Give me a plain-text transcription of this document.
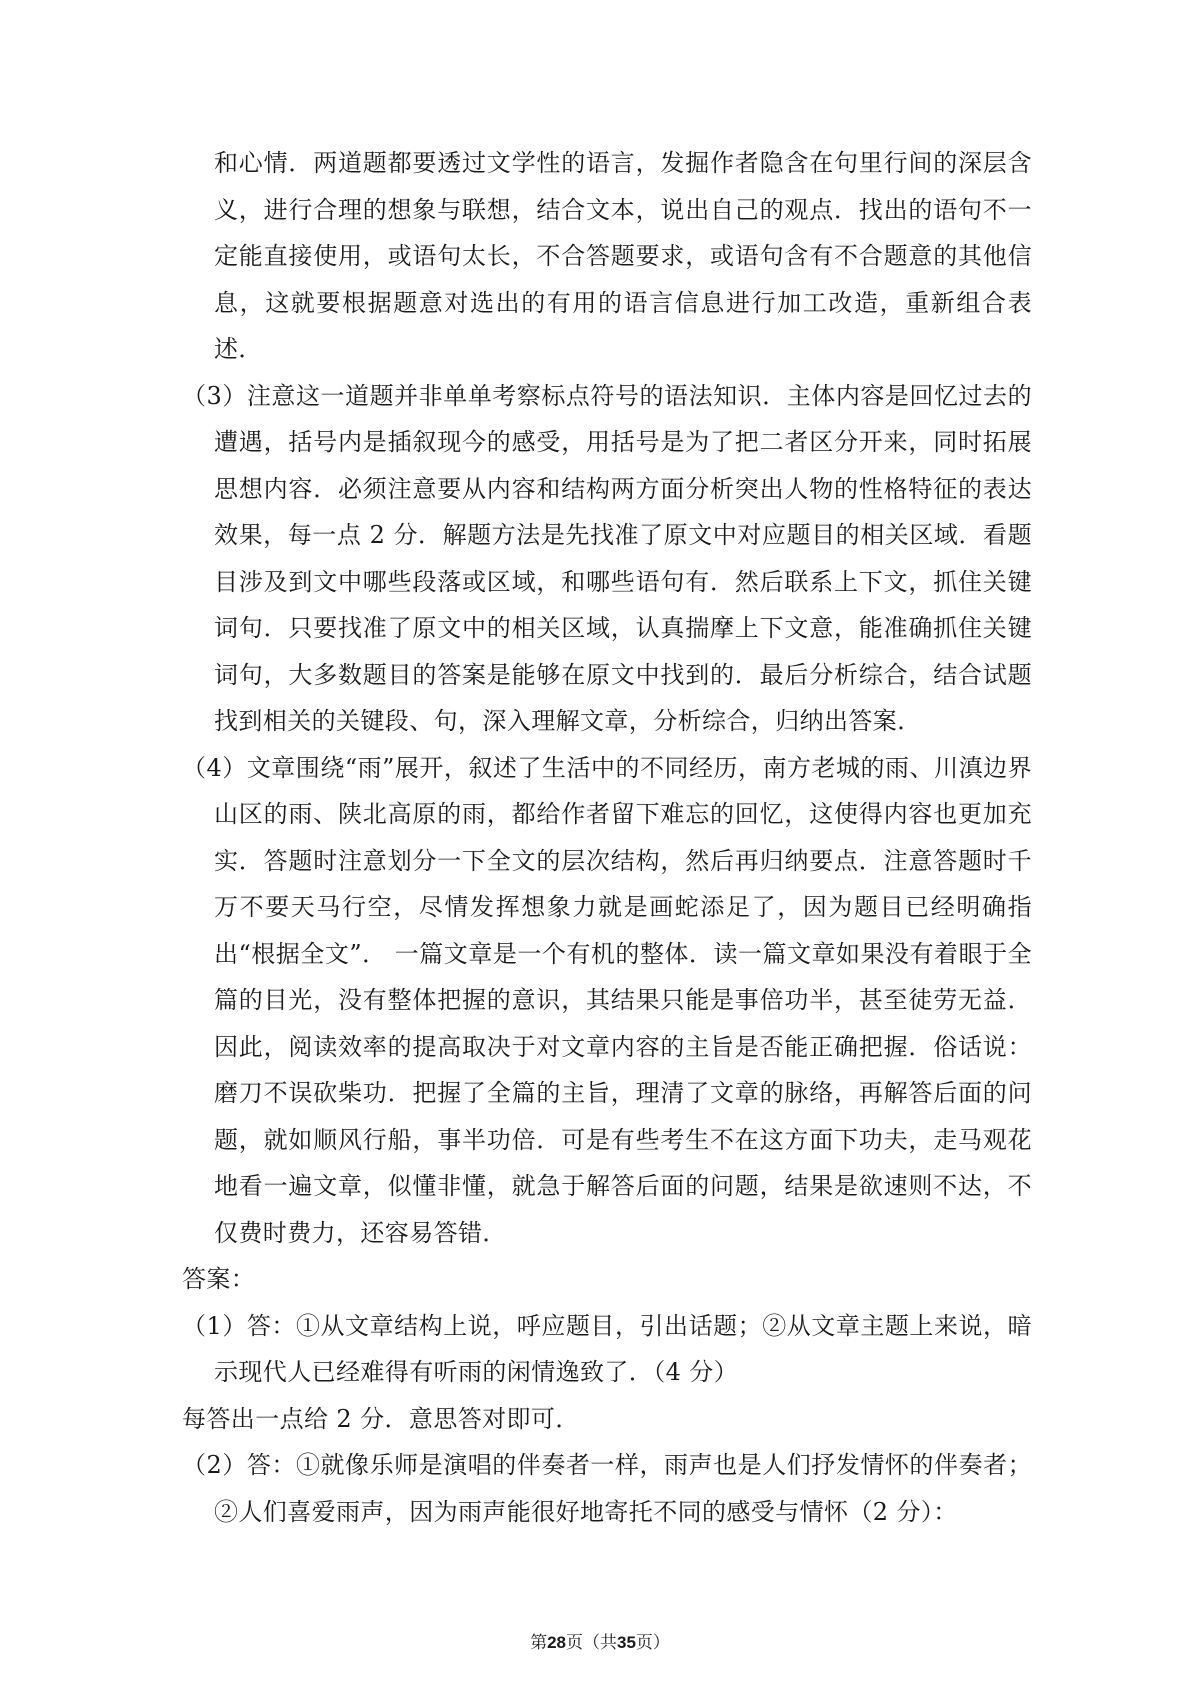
和心情．两道题都要透过文学性的语言，发掘作者隐含在句里行间的深层含义，进行合理的想象与联想，结合文本，说出自己的观点．找出的语句不一定能直接使用，或语句太长，不合答题要求，或语句含有不合题意的其他信息，这就要根据题意对选出的有用的语言信息进行加工改造，重新组合表述．

（3）注意这一道题并非单单考察标点符号的语法知识．主体内容是回忆过去的遭遇，括号内是插叙现今的感受，用括号是为了把二者区分开来，同时拓展思想内容．必须注意要从内容和结构两方面分析突出人物的性格特征的表达效果，每一点 2 分．解题方法是先找准了原文中对应题目的相关区域．看题目涉及到文中哪些段落或区域，和哪些语句有．然后联系上下文，抓住关键词句．只要找准了原文中的相关区域，认真揣摩上下文意，能准确抓住关键词句，大多数题目的答案是能够在原文中找到的．最后分析综合，结合试题找到相关的关键段、句，深入理解文章，分析综合，归纳出答案．

（4）文章围绕“雨”展开，叙述了生活中的不同经历，南方老城的雨、川滇边界山区的雨、陕北高原的雨，都给作者留下难忘的回忆，这使得内容也更加充实．答题时注意划分一下全文的层次结构，然后再归纳要点．注意答题时千万不要天马行空，尽情发挥想象力就是画蛇添足了，因为题目已经明确指出“根据全文”． 一篇文章是一个有机的整体．读一篇文章如果没有着眼于全篇的目光，没有整体把握的意识，其结果只能是事倍功半，甚至徒劳无益．因此，阅读效率的提高取决于对文章内容的主旨是否能正确把握．俗话说：磨刀不误砍柴功．把握了全篇的主旨，理清了文章的脉络，再解答后面的问题，就如顺风行船，事半功倍．可是有些考生不在这方面下功夫，走马观花地看一遍文章，似懂非懂，就急于解答后面的问题，结果是欲速则不达，不仅费时费力，还容易答错．

答案：

（1）答：①从文章结构上说，呼应题目，引出话题；②从文章主题上来说，暗示现代人已经难得有听雨的闲情逸致了．（4 分）

每答出一点给 2 分．意思答对即可．

（2）答：①就像乐师是演唱的伴奏者一样，雨声也是人们抒发情怀的伴奏者；②人们喜爱雨声，因为雨声能很好地寄托不同的感受与情怀（2 分）：

第28页（共35页）
